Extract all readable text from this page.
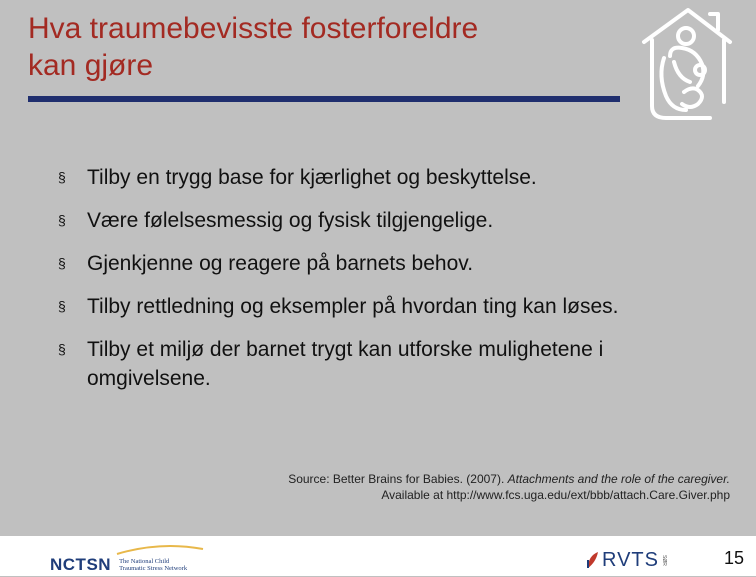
Hva traumebevisste fosterforeldre
kan gjøre
§ Tilby en trygg base for kjærlighet og beskyttelse.
§ Være følelsesmessig og fysisk tilgjengelige.
§ Gjenkjenne og reagere på barnets behov.
§ Tilby rettledning og eksempler på hvordan ting kan løses.
§ Tilby et miljø der barnet trygt kan utforske mulighetene i omgivelsene.
Source: Better Brains for Babies. (2007). Attachments and the role of the caregiver.
Available at http://www.fcs.uga.edu/ext/bbb/attach.Care.Giver.php
NCTSN The National Child
Traumatic Stress Network	RVTS SØR	15
